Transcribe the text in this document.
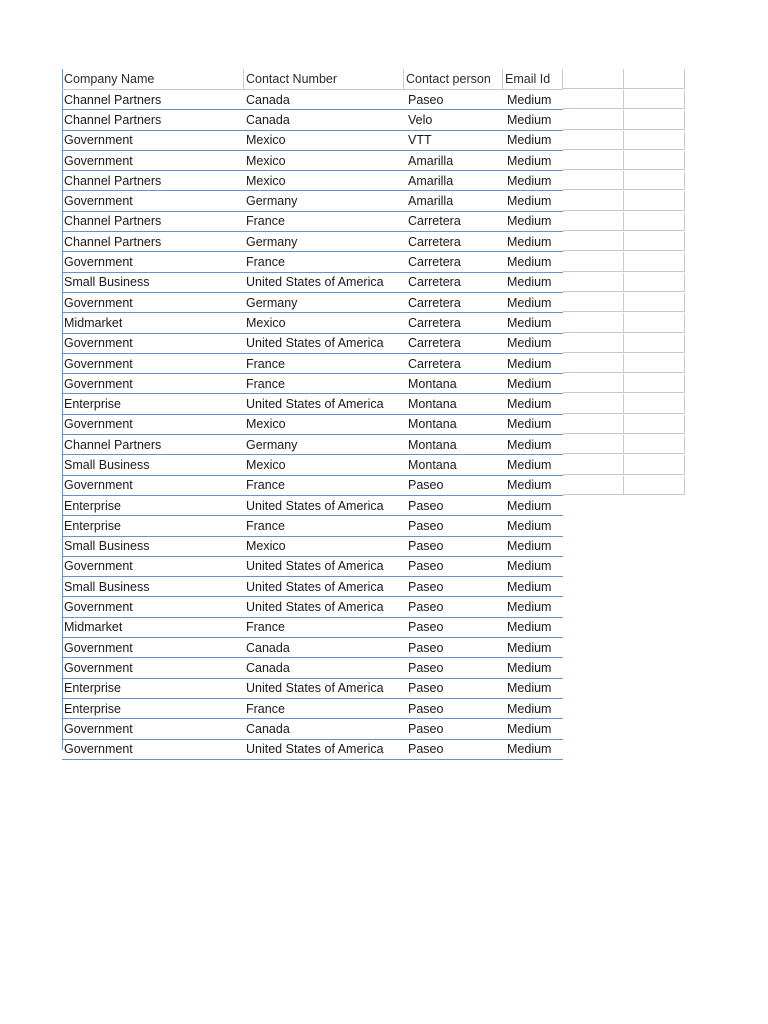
Company Name	Contact Number	Contact person	Email Id
Channel Partners	Canada	Paseo	Medium
Channel Partners	Canada	Velo	Medium
Government	Mexico	VTT	Medium
Government	Mexico	Amarilla	Medium
Channel Partners	Mexico	Amarilla	Medium
Government	Germany	Amarilla	Medium
Channel Partners	France	Carretera	Medium
Channel Partners	Germany	Carretera	Medium
Government	France	Carretera	Medium
Small Business	United States of America	Carretera	Medium
Government	Germany	Carretera	Medium
Midmarket	Mexico	Carretera	Medium
Government	United States of America	Carretera	Medium
Government	France	Carretera	Medium
Government	France	Montana	Medium
Enterprise	United States of America	Montana	Medium
Government	Mexico	Montana	Medium
Channel Partners	Germany	Montana	Medium
Small Business	Mexico	Montana	Medium
Government	France	Paseo	Medium
Enterprise	United States of America	Paseo	Medium
Enterprise	France	Paseo	Medium
Small Business	Mexico	Paseo	Medium
Government	United States of America	Paseo	Medium
Small Business	United States of America	Paseo	Medium
Government	United States of America	Paseo	Medium
Midmarket	France	Paseo	Medium
Government	Canada	Paseo	Medium
Government	Canada	Paseo	Medium
Enterprise	United States of America	Paseo	Medium
Enterprise	France	Paseo	Medium
Government	Canada	Paseo	Medium
Government	United States of America	Paseo	Medium
